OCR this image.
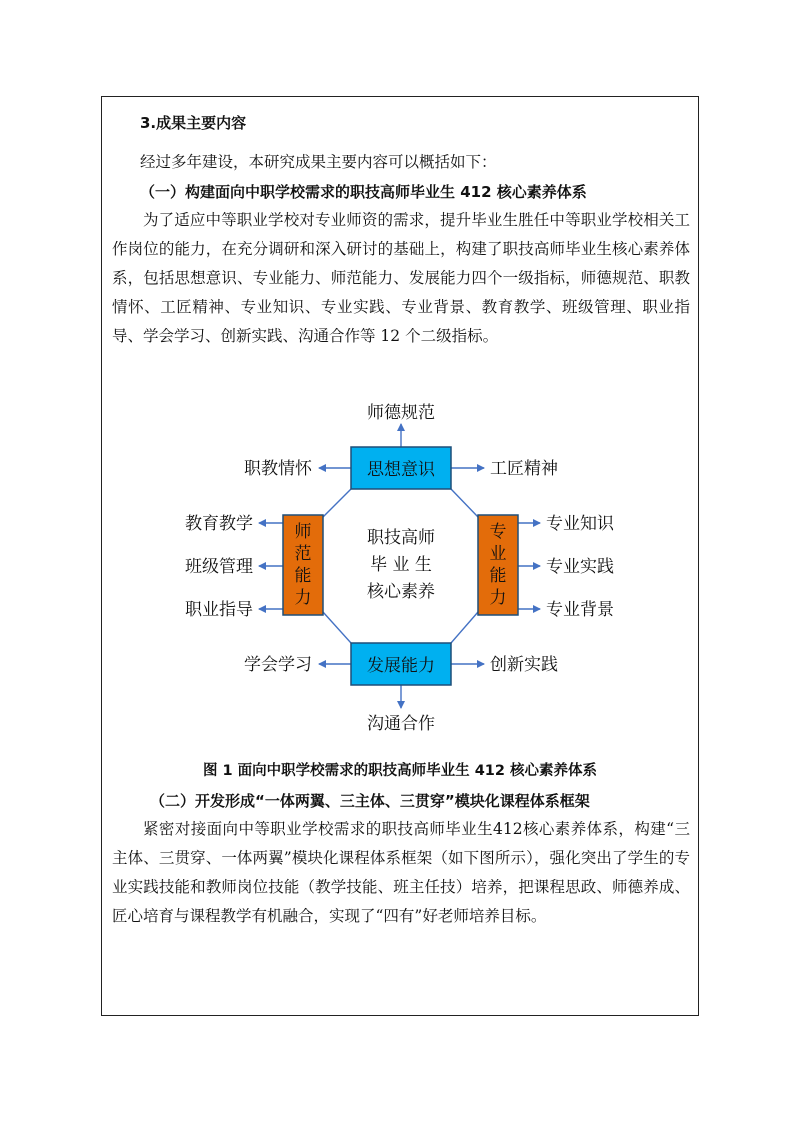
3.成果主要内容
经过多年建设，本研究成果主要内容可以概括如下：
（一）构建面向中职学校需求的职技高师毕业生 412 核心素养体系

为了适应中等职业学校对专业师资的需求，提升毕业生胜任中等职业学校相关工作岗位的能力，在充分调研和深入研讨的基础上，构建了职技高师毕业生核心素养体系，包括思想意识、专业能力、师范能力、发展能力四个一级指标，师德规范、职教情怀、工匠精神、专业知识、专业实践、专业背景、教育教学、班级管理、职业指导、学会学习、创新实践、沟通合作等 12 个二级指标。

思想意识
发展能力
师范能力
专业能力
职技高师
毕 业 生
核心素养
师德规范
职教情怀	工匠精神
沟通合作
学会学习	创新实践
教育教学
班级管理
职业指导
专业知识
专业实践
专业背景
图 1 面向中职学校需求的职技高师毕业生 412 核心素养体系
（二）开发形成“一体两翼、三主体、三贯穿”模块化课程体系框架

紧密对接面向中等职业学校需求的职技高师毕业生412核心素养体系，构建“三主体、三贯穿、一体两翼”模块化课程体系框架（如下图所示），强化突出了学生的专业实践技能和教师岗位技能（教学技能、班主任技）培养，把课程思政、师德养成、匠心培育与课程教学有机融合，实现了“四有”好老师培养目标。
